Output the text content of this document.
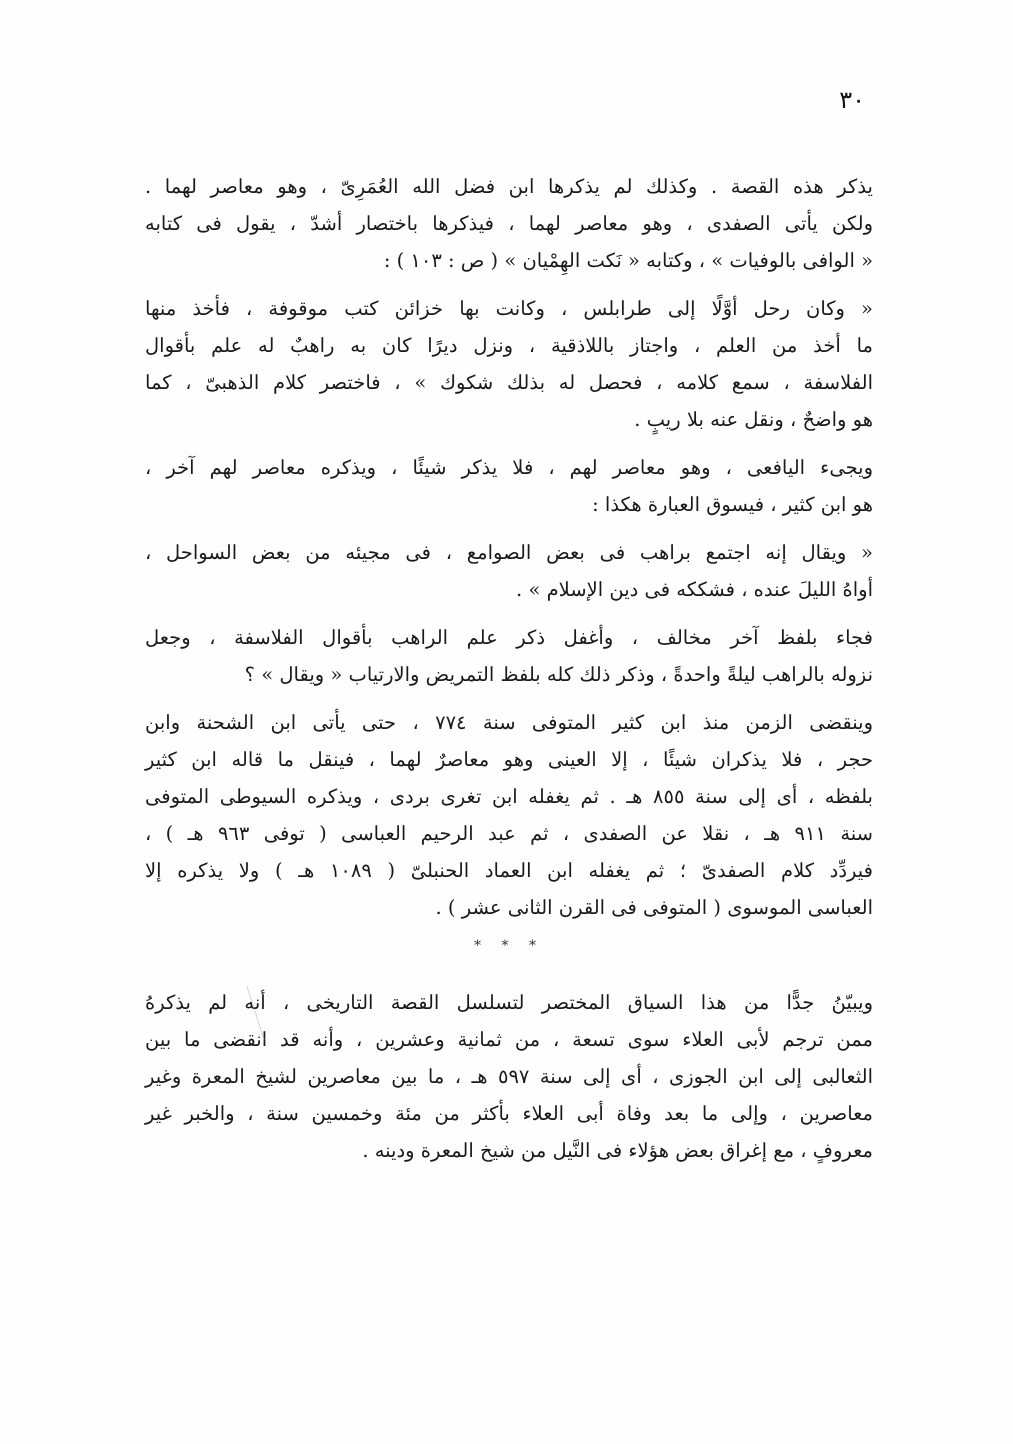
٣٠

يذكر هذه القصة . وكذلك لم يذكرها ابن فضل الله العُمَرِىّ ، وهو معاصر لهما .
ولكن يأتى الصفدى ، وهو معاصر لهما ، فيذكرها باختصار أشدّ ، يقول فى كتابه
« الوافى بالوفيات » ، وكتابه « نَكت الهِمْيان » ( ص : ١٠٣ ) :

« وكان رحل أوَّلًا إلى طرابلس ، وكانت بها خزائن كتب موقوفة ، فأخذ منها
ما أخذ من العلم ، واجتاز باللاذقية ، ونزل ديرًا كان به راهبٌ له علم بأقوال
الفلاسفة ، سمع كلامه ، فحصل له بذلك شكوك » ، فاختصر كلام الذهبىّ ، كما
هو واضحٌ ، ونقل عنه بلا ريبٍ .

ويجىء اليافعى ، وهو معاصر لهم ، فلا يذكر شيئًا ، ويذكره معاصر لهم آخر ،
هو ابن كثير ، فيسوق العبارة هكذا :

« ويقال إنه اجتمع براهب فى بعض الصوامع ، فى مجيئه من بعض السواحل ،
أواهُ الليلَ عنده ، فشككه فى دين الإسلام » .

فجاء بلفظ آخر مخالف ، وأغفل ذكر علم الراهب بأقوال الفلاسفة ، وجعل
نزوله بالراهب ليلةً واحدةً ، وذكر ذلك كله بلفظ التمريض والارتياب « ويقال » ؟

وينقضى الزمن منذ ابن كثير المتوفى سنة ٧٧٤ ، حتى يأتى ابن الشحنة وابن
حجر ، فلا يذكران شيئًا ، إلا العينى وهو معاصرٌ لهما ، فينقل ما قاله ابن كثير
بلفظه ، أى إلى سنة ٨٥٥ هـ . ثم يغفله ابن تغرى بردى ، ويذكره السيوطى المتوفى
سنة ٩١١ هـ ، نقلا عن الصفدى ، ثم عبد الرحيم العباسى ( توفى ٩٦٣ هـ ) ،
فيردِّد كلام الصفدىّ ؛ ثم يغفله ابن العماد الحنبلىّ ( ١٠٨٩ هـ ) ولا يذكره إلا
العباسى الموسوى ( المتوفى فى القرن الثانى عشر ) .

* * *

ويبيّنُ جدًّا من هذا السياق المختصر لتسلسل القصة التاريخى ، أنه لم يذكرهُ
ممن ترجم لأبى العلاء سوى تسعة ، من ثمانية وعشرين ، وأنه قد انقضى ما بين
الثعالبى إلى ابن الجوزى ، أى إلى سنة ٥٩٧ هـ ، ما بين معاصرين لشيخ المعرة وغير
معاصرين ، وإلى ما بعد وفاة أبى العلاء بأكثر من مئة وخمسين سنة ، والخبر غير
معروفٍ ، مع إغراق بعض هؤلاء فى النَّيل من شيخ المعرة ودينه .
